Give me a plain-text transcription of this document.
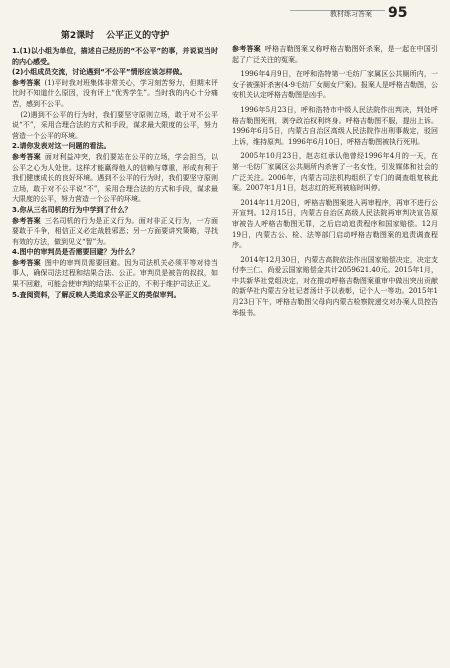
教材练习答案 95
第2课时 公平正义的守护

1.(1)以小组为单位，描述自己经历的“不公平”的事，并说说当时的内心感受。

(2)小组成员交流，讨论遇到“不公平”情形应该怎样做。

参考答案 (1)平时我对班集体非常关心，学习刻苦努力，但期末评比时不知道什么原因，没有评上“优秀学生”。当时我的内心十分痛苦，感到不公平。

(2)遇到不公平的行为时，我们要坚守原则立场，敢于对不公平说“不”，采用合理合法的方式和手段，谋求最大限度的公平，努力营造一个公平的环境。

2.请你发表对这一问题的看法。

参考答案 面对利益冲突，我们要站在公平的立场，学会担当，以公平之心为人处世。这样才能赢得他人的信赖与尊重，形成有利于我们健康成长的良好环境。遇到不公平的行为时，我们要坚守原则立场，敢于对不公平说“不”，采用合理合法的方式和手段，谋求最大限度的公平，努力营造一个公平的环境。

3.你从三名司机的行为中学到了什么？

参考答案 三名司机的行为是正义行为。面对非正义行为，一方面要敢于斗争，相信正义必定战胜邪恶；另一方面要讲究策略，寻找有效的方法，做到见义“智”为。

4.图中的审判员是否需要回避？为什么？

参考答案 图中的审判员需要回避。因为司法机关必须平等对待当事人，确保司法过程和结果合法、公正。审判员是被告的叔叔，如果不回避，可能会使审判的结果不公正的，不利于维护司法正义。

5.查阅资料，了解反映人类追求公平正义的类似审判。

参考答案 呼格吉勒图案又称呼格吉勒图奸杀案，是一起在中国引起了广泛关注的冤案。

1996年4月9日，在呼和浩特第一毛纺厂家属区公共厕所内，一女子被强奸杀害(4·9毛纺厂女厕女尸案)。报案人是呼格吉勒图，公安机关认定呼格吉勒图是凶手。

1996年5月23日，呼和浩特市中级人民法院作出判决，判处呼格吉勒图死刑，剥夺政治权利终身。呼格吉勒图不服，提出上诉。1996年6月5日，内蒙古自治区高级人民法院作出刑事裁定，驳回上诉，维持原判。1996年6月10日，呼格吉勒图被执行死刑。

2005年10月23日，赵志红承认他曾经1996年4月的一天，在第一毛纺厂家属区公共厕所内杀害了一名女性，引发媒体和社会的广泛关注。2006年，内蒙古司法机构组织了专门的调查组复核此案。2007年1月1日，赵志红的死刑被临时叫停。

2014年11月20日，呼格吉勒图案进入再审程序，再审不进行公开宣判。12月15日，内蒙古自治区高级人民法院再审判决宣告原审被告人呼格吉勒图无罪，之后启动追责程序和国家赔偿。12月19日，内蒙古公、检、法等部门启动呼格吉勒图案的追责调查程序。

2014年12月30日，内蒙古高院依法作出国家赔偿决定，决定支付李三仁、尚爱云国家赔偿金共计2059621.40元。2015年1月，中共新华社党组决定，对在推动呼格吉勒图案重审中做出突出贡献的新华社内蒙古分社记者汤计予以表彰，记个人一等功。2015年1月23日下午，呼格吉勒图父母向内蒙古检察院递交对办案人员控告举报书。
